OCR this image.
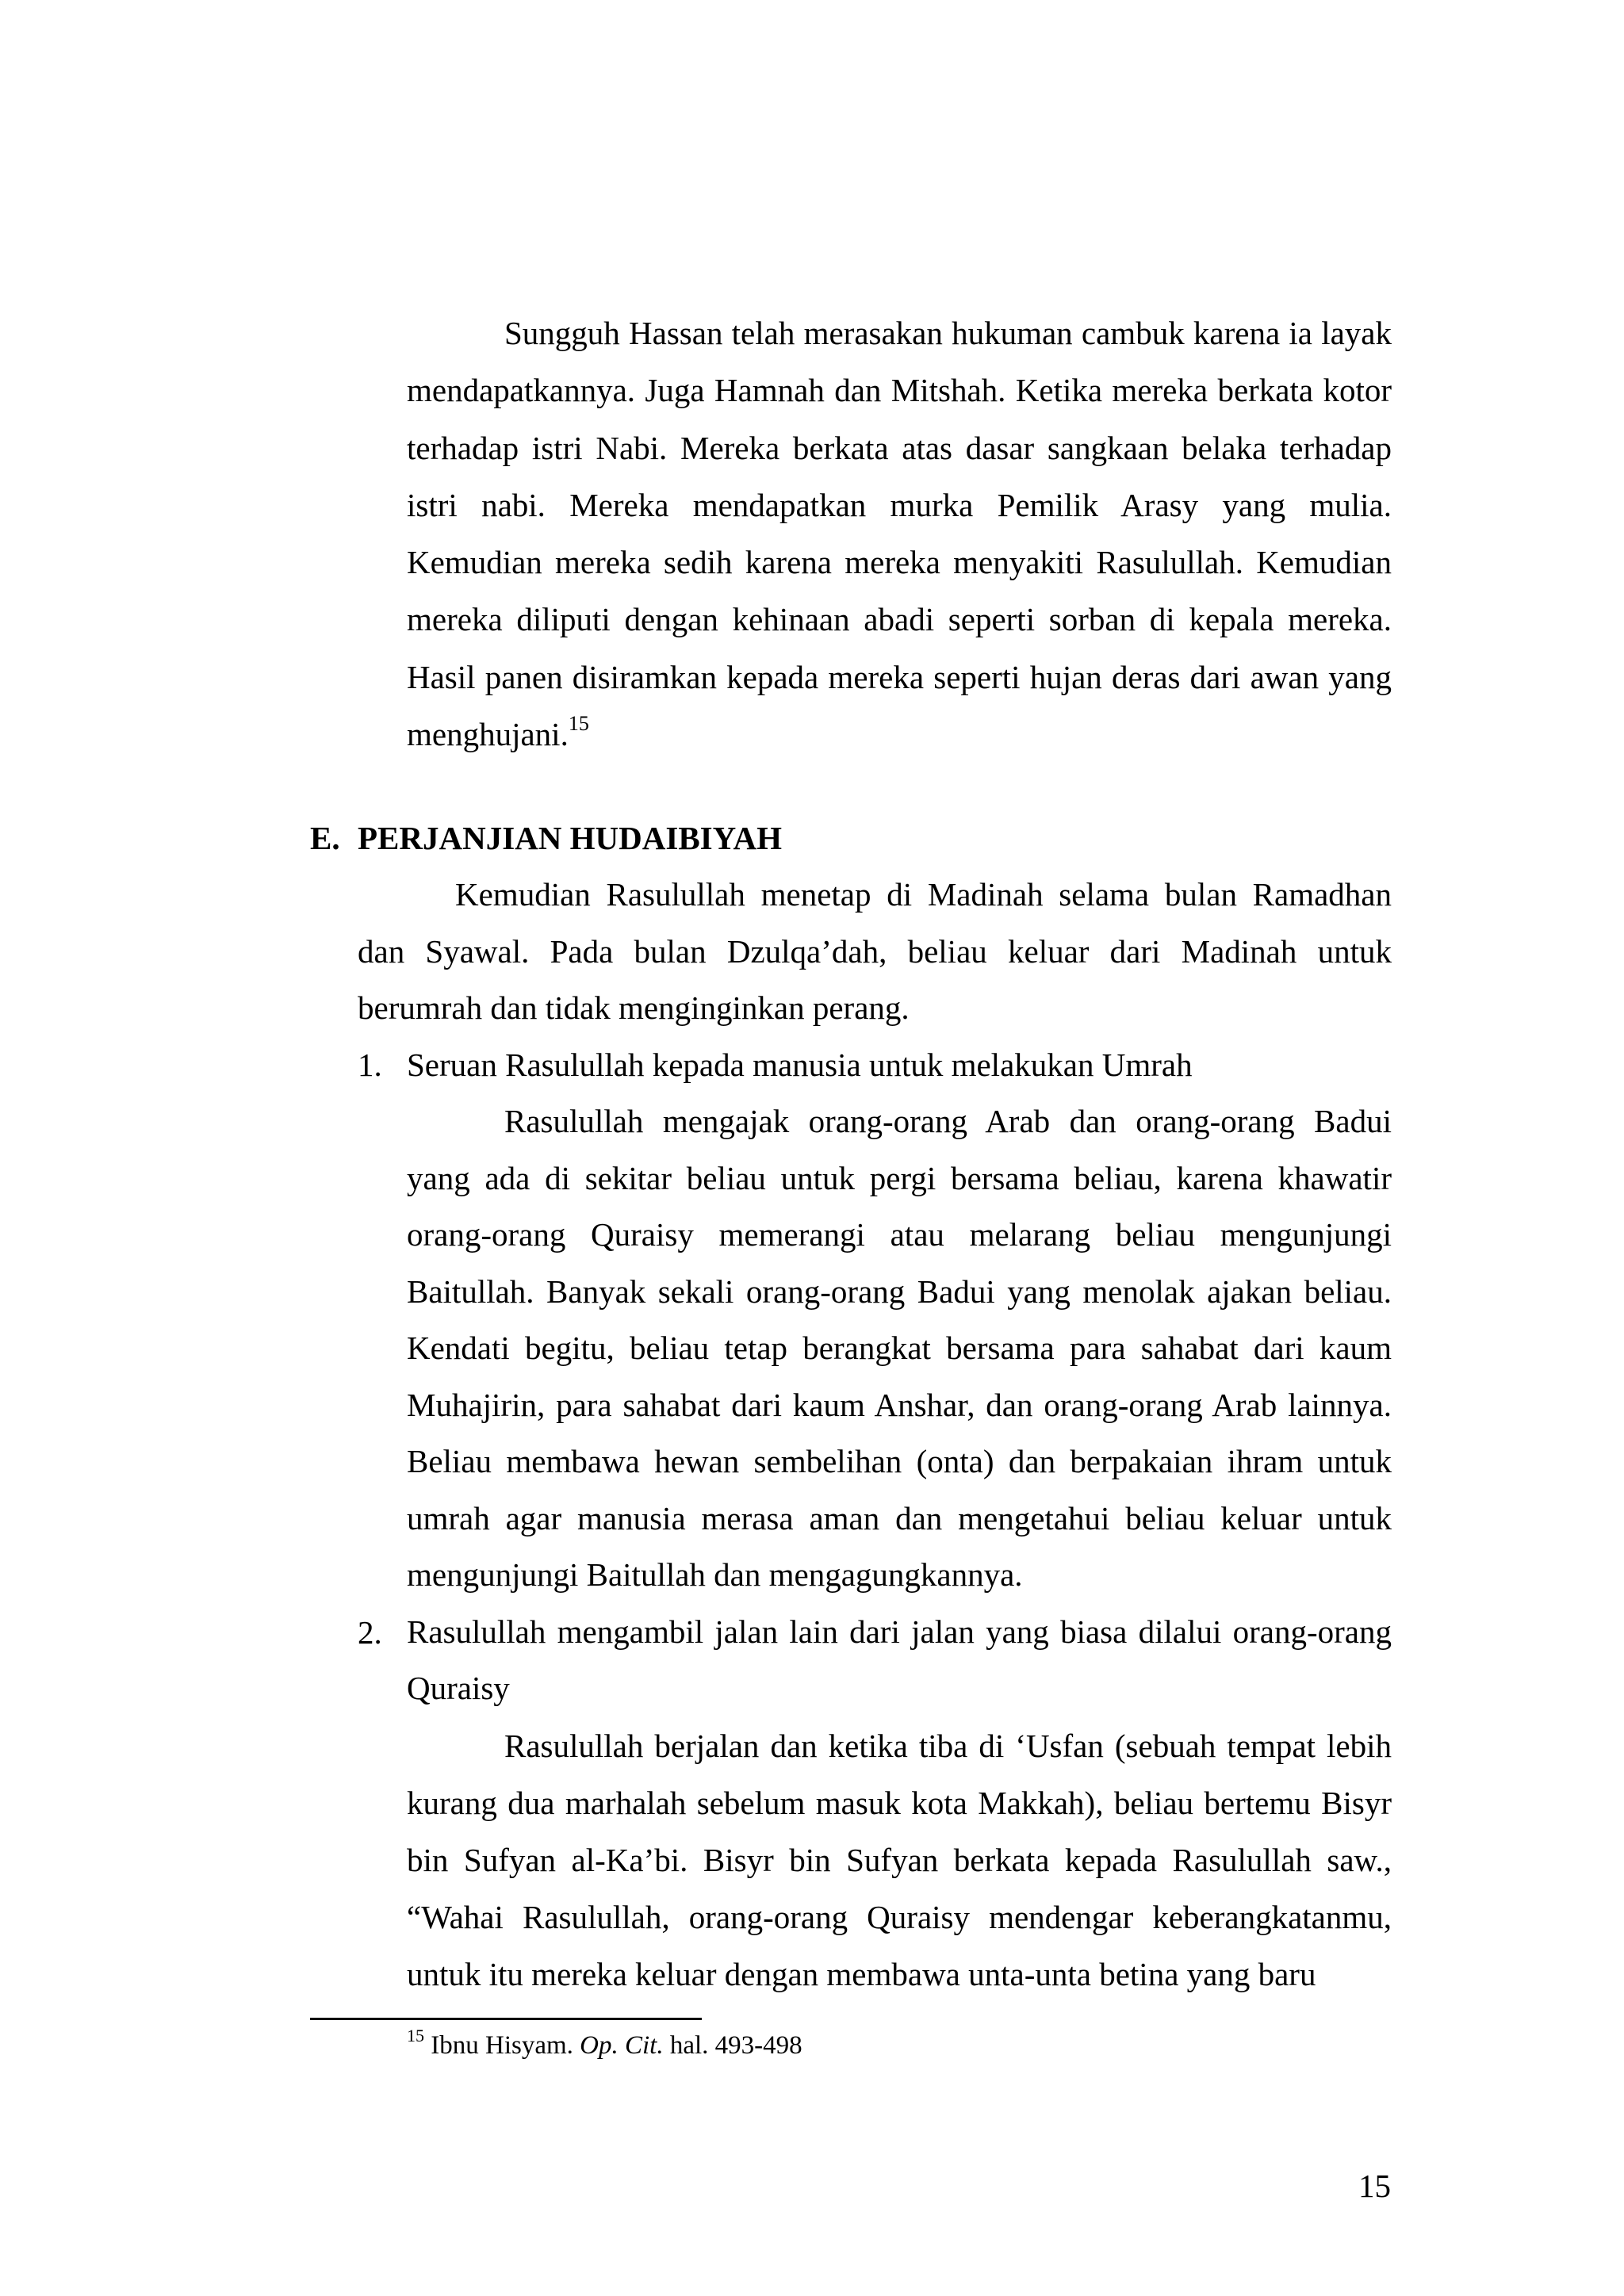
Sungguh Hassan telah merasakan hukuman cambuk karena ia layak mendapatkannya. Juga Hamnah dan Mitshah. Ketika mereka berkata kotor terhadap istri Nabi. Mereka berkata atas dasar sangkaan belaka terhadap istri nabi. Mereka mendapatkan murka Pemilik Arasy yang mulia. Kemudian mereka sedih karena mereka menyakiti Rasulullah. Kemudian mereka diliputi dengan kehinaan abadi seperti sorban di kepala mereka. Hasil panen disiramkan kepada mereka seperti hujan deras dari awan yang menghujani.$^{15}$

E. PERJANJIAN HUDAIBIYAH

Kemudian Rasulullah menetap di Madinah selama bulan Ramadhan dan Syawal. Pada bulan Dzulqa’dah, beliau keluar dari Madinah untuk berumrah dan tidak menginginkan perang.

1. Seruan Rasulullah kepada manusia untuk melakukan Umrah

Rasulullah mengajak orang-orang Arab dan orang-orang Badui yang ada di sekitar beliau untuk pergi bersama beliau, karena khawatir orang-orang Quraisy memerangi atau melarang beliau mengunjungi Baitullah. Banyak sekali orang-orang Badui yang menolak ajakan beliau. Kendati begitu, beliau tetap berangkat bersama para sahabat dari kaum Muhajirin, para sahabat dari kaum Anshar, dan orang-orang Arab lainnya. Beliau membawa hewan sembelihan (onta) dan berpakaian ihram untuk umrah agar manusia merasa aman dan mengetahui beliau keluar untuk mengunjungi Baitullah dan mengagungkannya.

2. Rasulullah mengambil jalan lain dari jalan yang biasa dilalui orang-orang Quraisy

Rasulullah berjalan dan ketika tiba di ‘Usfan (sebuah tempat lebih kurang dua marhalah sebelum masuk kota Makkah), beliau bertemu Bisyr bin Sufyan al-Ka’bi. Bisyr bin Sufyan berkata kepada Rasulullah saw., “Wahai Rasulullah, orang-orang Quraisy mendengar keberangkatanmu, untuk itu mereka keluar dengan membawa unta-unta betina yang baru

$^{15}$ Ibnu Hisyam. Op. Cit. hal. 493-498
15
